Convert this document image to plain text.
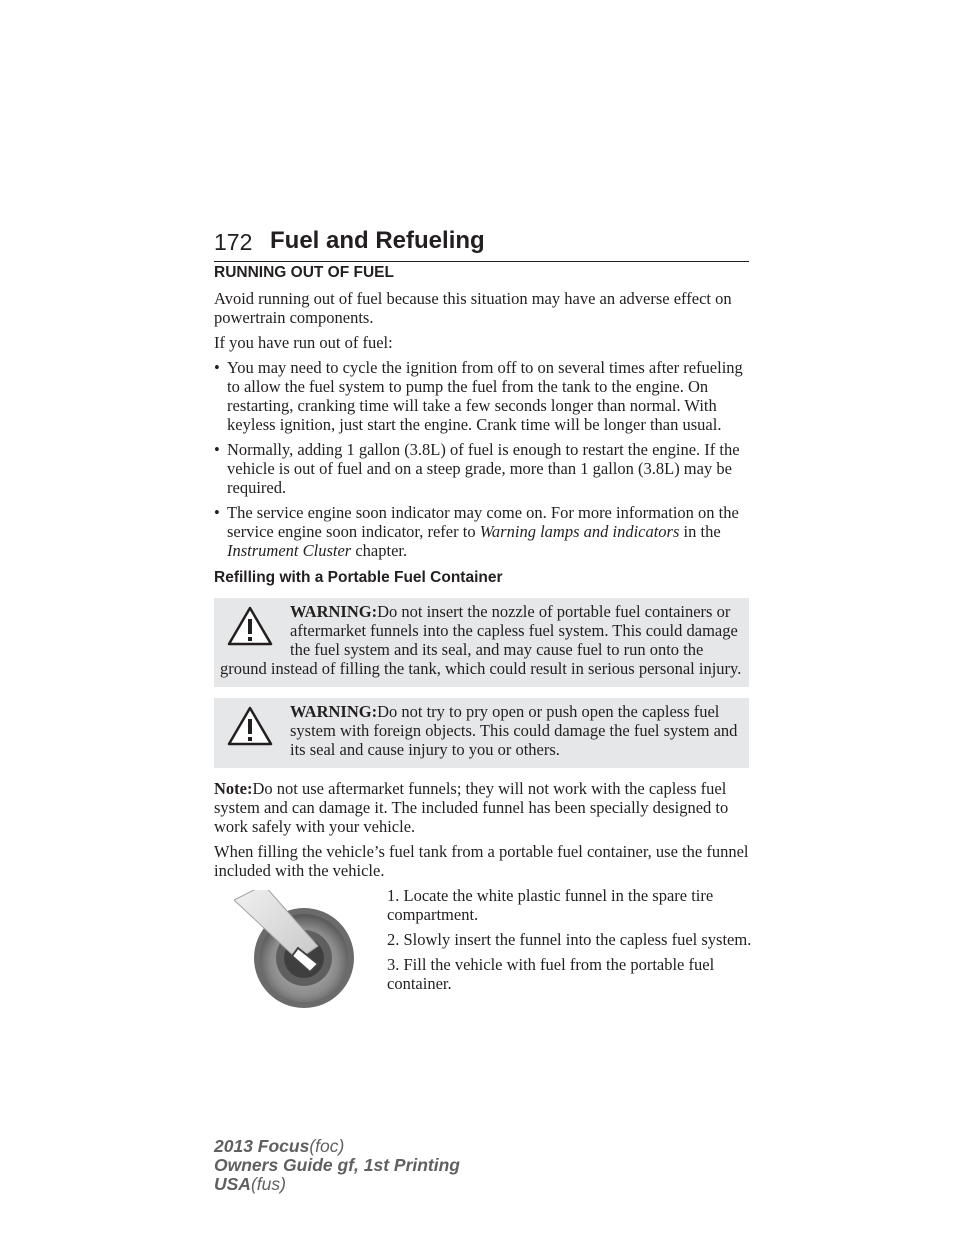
172 Fuel and Refueling
RUNNING OUT OF FUEL

Avoid running out of fuel because this situation may have an adverse effect on powertrain components.

If you have run out of fuel:

• You may need to cycle the ignition from off to on several times after refueling to allow the fuel system to pump the fuel from the tank to the engine. On restarting, cranking time will take a few seconds longer than normal. With keyless ignition, just start the engine. Crank time will be longer than usual.
• Normally, adding 1 gallon (3.8L) of fuel is enough to restart the engine. If the vehicle is out of fuel and on a steep grade, more than 1 gallon (3.8L) may be required.
• The service engine soon indicator may come on. For more information on the service engine soon indicator, refer to Warning lamps and indicators in the Instrument Cluster chapter.
Refilling with a Portable Fuel Container
WARNING:Do not insert the nozzle of portable fuel containers or aftermarket funnels into the capless fuel system. This could damage the fuel system and its seal, and may cause fuel to run onto the ground instead of filling the tank, which could result in serious personal injury.
WARNING:Do not try to pry open or push open the capless fuel system with foreign objects. This could damage the fuel system and its seal and cause injury to you or others.

Note:Do not use aftermarket funnels; they will not work with the capless fuel system and can damage it. The included funnel has been specially designed to work safely with your vehicle.

When filling the vehicle’s fuel tank from a portable fuel container, use the funnel included with the vehicle.

1. Locate the white plastic funnel in the spare tire compartment.

2. Slowly insert the funnel into the capless fuel system.

3. Fill the vehicle with fuel from the portable fuel container.

2013 Focus(foc)
Owners Guide gf, 1st Printing
USA(fus)
